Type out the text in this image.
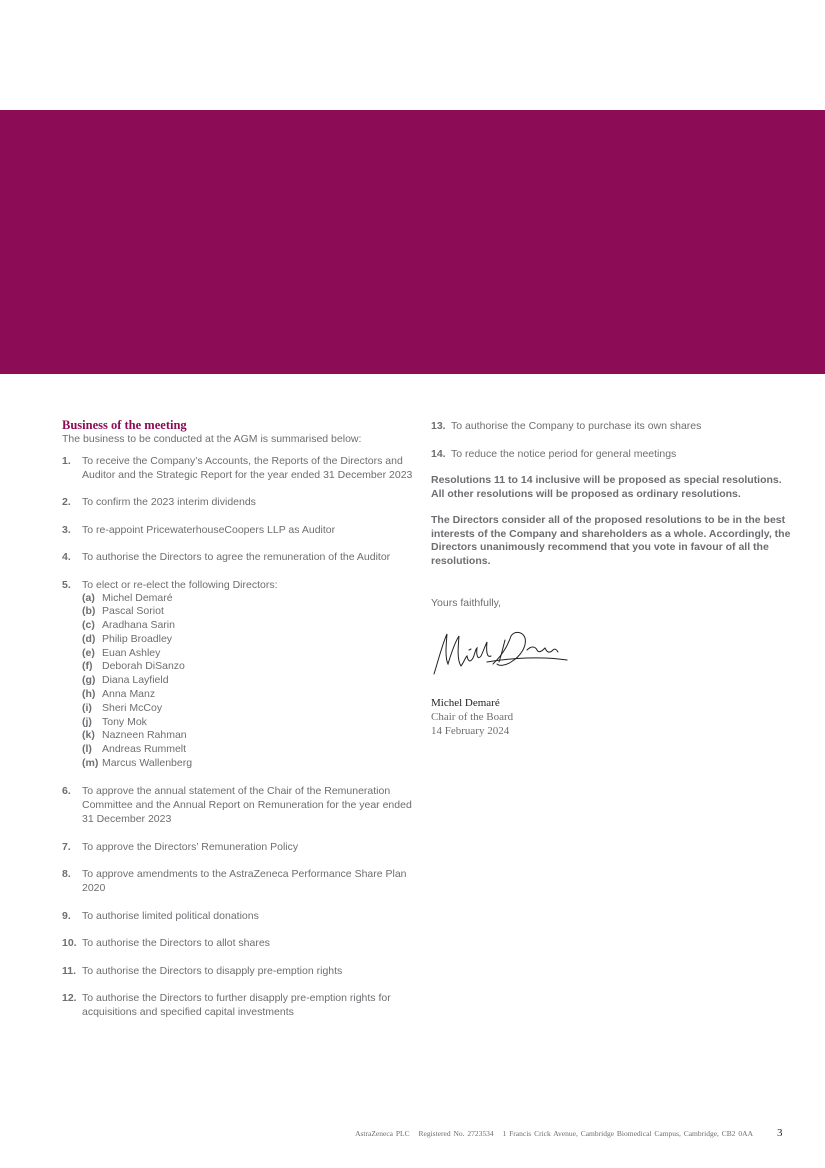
Business of the meeting

The business to be conducted at the AGM is summarised below:

1.	To receive the Company’s Accounts, the Reports of the Directors and Auditor and the Strategic Report for the year ended 31 December 2023
2.	To confirm the 2023 interim dividends
3.	To re-appoint PricewaterhouseCoopers LLP as Auditor
4.	To authorise the Directors to agree the remuneration of the Auditor
5.	To elect or re-elect the following Directors:
(a) Michel Demaré
(b) Pascal Soriot
(c) Aradhana Sarin
(d) Philip Broadley
(e) Euan Ashley
(f) Deborah DiSanzo
(g) Diana Layfield
(h) Anna Manz
(i) Sheri McCoy
(j) Tony Mok
(k) Nazneen Rahman
(l) Andreas Rummelt
(m) Marcus Wallenberg
6.	To approve the annual statement of the Chair of the Remuneration Committee and the Annual Report on Remuneration for the year ended 31 December 2023
7.	To approve the Directors’ Remuneration Policy
8.	To approve amendments to the AstraZeneca Performance Share Plan 2020
9.	To authorise limited political donations
10. To authorise the Directors to allot shares
11. To authorise the Directors to disapply pre-emption rights
12. To authorise the Directors to further disapply pre-emption rights for acquisitions and specified capital investments
13. To authorise the Company to purchase its own shares
14. To reduce the notice period for general meetings

Resolutions 11 to 14 inclusive will be proposed as special resolutions. All other resolutions will be proposed as ordinary resolutions.

The Directors consider all of the proposed resolutions to be in the best interests of the Company and shareholders as a whole. Accordingly, the Directors unanimously recommend that you vote in favour of all the resolutions.

Yours faithfully,

Michel Demaré
Chair of the Board
14 February 2024
AstraZeneca PLC Registered No. 2723534 1 Francis Crick Avenue, Cambridge Biomedical Campus, Cambridge, CB2 0AA 3
